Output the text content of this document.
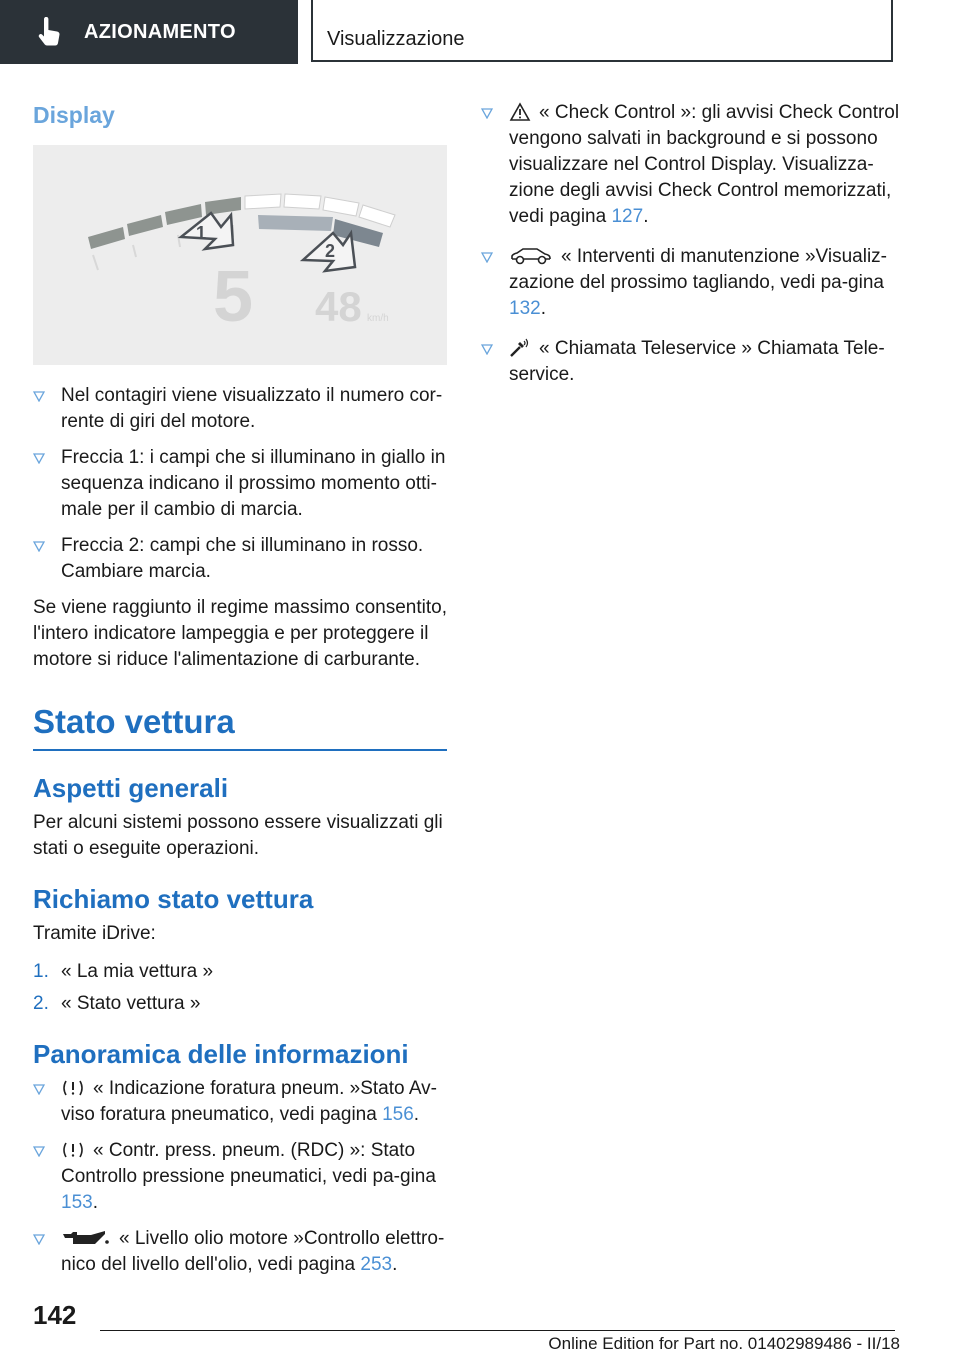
AZIONAMENTO	Visualizzazione
Display
1
2
5 48 km/h
Nel contagiri viene visualizzato il numero cor-rente di giri del motore.
Freccia 1: i campi che si illuminano in giallo in sequenza indicano il prossimo momento otti-male per il cambio di marcia.
Freccia 2: campi che si illuminano in rosso. Cambiare marcia.

Se viene raggiunto il regime massimo consentito, l'intero indicatore lampeggia e per proteggere il motore si riduce l'alimentazione di carburante.

Stato vettura
Aspetti generali

Per alcuni sistemi possono essere visualizzati gli stati o eseguite operazioni.

Richiamo stato vettura

Tramite iDrive:

1. « La mia vettura »
2. « Stato vettura »
Panoramica delle informazioni
« Indicazione foratura pneum. »Stato Av-viso foratura pneumatico, vedi pagina 156.
« Contr. press. pneum. (RDC) »: Stato Controllo pressione pneumatici, vedi pa-gina 153.
« Livello olio motore »Controllo elettro-nico del livello dell'olio, vedi pagina 253.
« Check Control »: gli avvisi Check Control vengono salvati in background e si possono visualizzare nel Control Display. Visualizza-zione degli avvisi Check Control memorizzati, vedi pagina 127.
« Interventi di manutenzione »Visualiz-zazione del prossimo tagliando, vedi pa-gina 132.
« Chiamata Teleservice » Chiamata Tele-service.
142
Online Edition for Part no. 01402989486 - II/18
